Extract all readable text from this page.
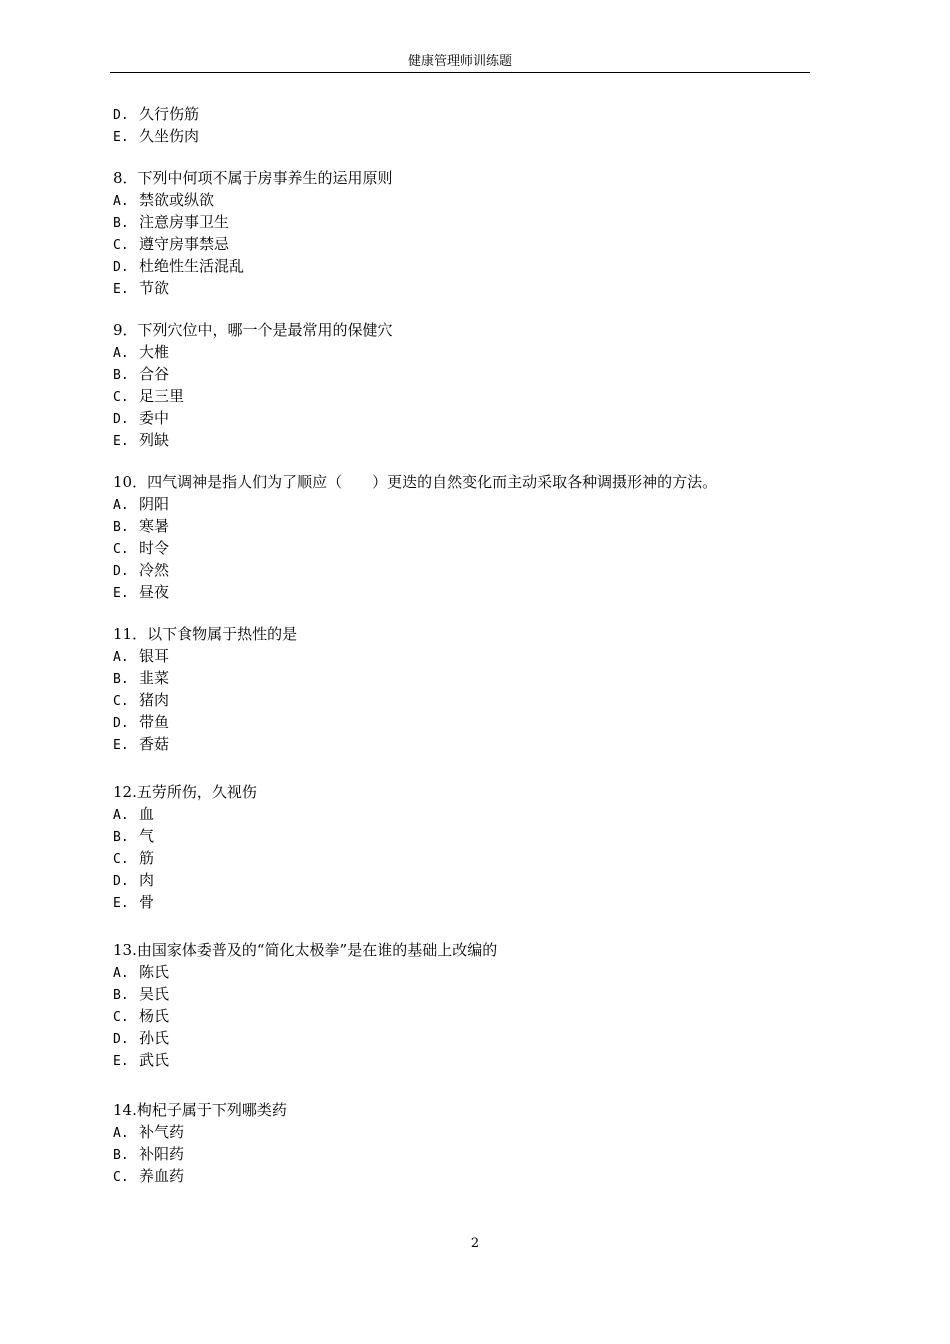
健康管理师训练题
D. 久行伤筋
E. 久坐伤肉
8．下列中何项不属于房事养生的运用原则
A. 禁欲或纵欲
B. 注意房事卫生
C. 遵守房事禁忌
D. 杜绝性生活混乱
E. 节欲
9．下列穴位中，哪一个是最常用的保健穴
A. 大椎
B. 合谷
C. 足三里
D. 委中
E. 列缺
10．四气调神是指人们为了顺应（　　）更迭的自然变化而主动采取各种调摄形神的方法。
A. 阴阳
B. 寒暑
C. 时令
D. 冷然
E. 昼夜
11．以下食物属于热性的是
A. 银耳
B. 韭菜
C. 猪肉
D. 带鱼
E. 香菇
12.五劳所伤，久视伤
A. 血
B. 气
C. 筋
D. 肉
E. 骨
13.由国家体委普及的“简化太极拳”是在谁的基础上改编的
A. 陈氏
B. 吴氏
C. 杨氏
D. 孙氏
E. 武氏
14.枸杞子属于下列哪类药
A. 补气药
B. 补阳药
C. 养血药
2
